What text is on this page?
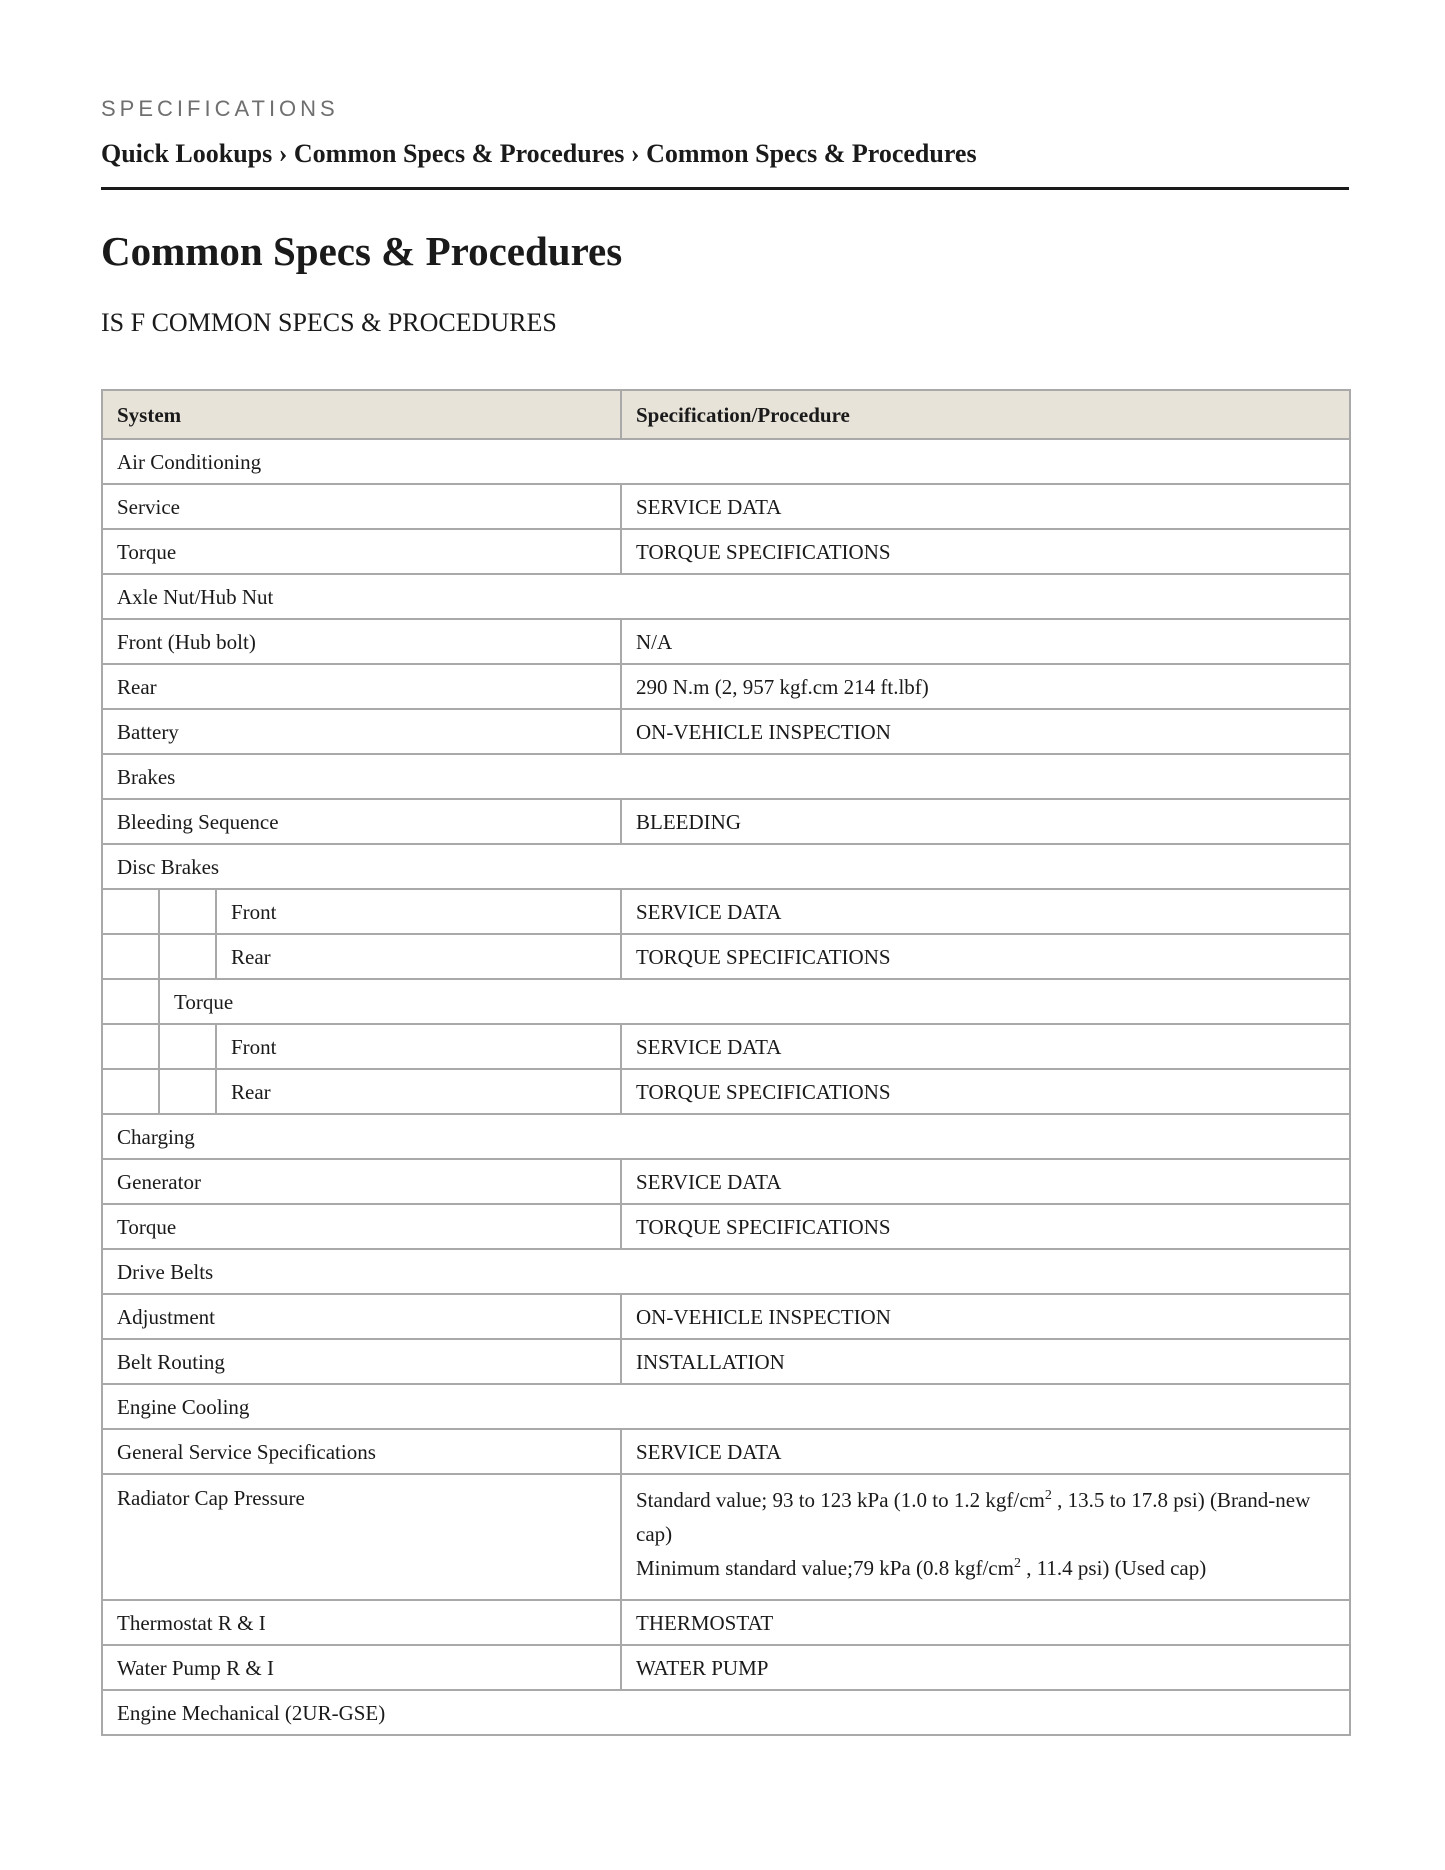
SPECIFICATIONS

Quick Lookups › Common Specs & Procedures › Common Specs & Procedures

Common Specs & Procedures
IS F COMMON SPECS & PROCEDURES
System			Specification/Procedure
Air Conditioning			
Service			SERVICE DATA
Torque			TORQUE SPECIFICATIONS
Axle Nut/Hub Nut			
Front (Hub bolt)			N/A
Rear			290 N.m (2, 957 kgf.cm 214 ft.lbf)
Battery			ON-VEHICLE INSPECTION
Brakes			
Bleeding Sequence			BLEEDING
Disc Brakes			
		Front	SERVICE DATA
		Rear	TORQUE SPECIFICATIONS
	Torque		
		Front	SERVICE DATA
		Rear	TORQUE SPECIFICATIONS
Charging			
Generator			SERVICE DATA
Torque			TORQUE SPECIFICATIONS
Drive Belts			
Adjustment			ON-VEHICLE INSPECTION
Belt Routing			INSTALLATION
Engine Cooling			
General Service Specifications			SERVICE DATA
Radiator Cap Pressure			Standard value; 93 to 123 kPa (1.0 to 1.2 kgf/$cm^2$ , 13.5 to 17.8 psi) (Brand-new cap)
Minimum standard value;79 kPa (0.8 kgf/$cm^2$ , 11.4 psi) (Used cap)

Thermostat R & I			THERMOSTAT
Water Pump R & I			WATER PUMP
Engine Mechanical (2UR-GSE)			
